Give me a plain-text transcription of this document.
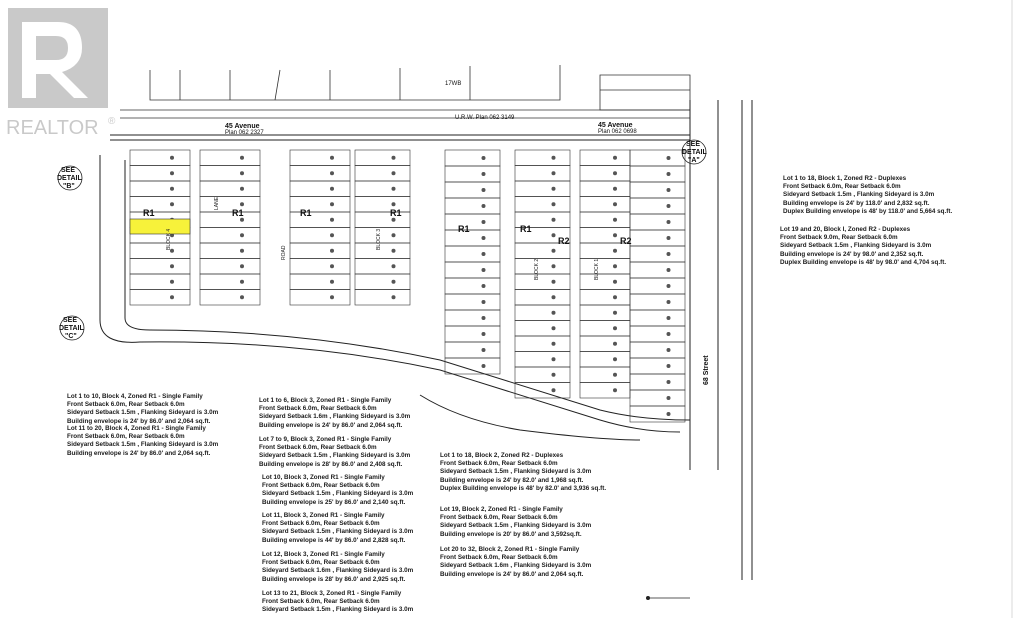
17WB
45 Avenue
Plan 062 2327
45 Avenue
Plan 062 0698
U.R.W. Plan 062 3149
68 Street
R1	R1	R1	R1
R1	R1
R2	R2
BLOCK 4	BLOCK 3
BLOCK 2	BLOCK 1
LANE
ROAD
SEE
DETAIL
"A"
SEE
DETAIL
"B"
SEE
DETAIL
"C"
REALTOR ®
Lot 1 to 18, Block 1, Zoned R2 - Duplexes
Front Setback 6.0m, Rear Setback 6.0m
Sideyard Setback 1.5m , Flanking Sideyard is 3.0m
Building envelope is 24' by 118.0' and 2,832 sq.ft.
Duplex Building envelope is 48' by 118.0' and 5,664 sq.ft.
Lot 19 and 20, Block I, Zoned R2 - Duplexes
Front Setback 9.0m, Rear Setback 6.0m
Sideyard Setback 1.5m , Flanking Sideyard is 3.0m
Building envelope is 24' by 98.0' and 2,352 sq.ft.
Duplex Building envelope is 48' by 98.0' and 4,704 sq.ft.
Lot 1 to 10, Block 4, Zoned R1 - Single Family
Front Setback 6.0m, Rear Setback 6.0m
Sideyard Setback 1.5m , Flanking Sideyard is 3.0m
Building envelope is 24' by 86.0' and 2,064 sq.ft.
Lot 11 to 20, Block 4, Zoned R1 - Single Family
Front Setback 6.0m, Rear Setback 6.0m
Sideyard Setback 1.5m , Flanking Sideyard is 3.0m
Building envelope is 24' by 86.0' and 2,064 sq.ft.
Lot 1 to 6, Block 3, Zoned R1 - Single Family
Front Setback 6.0m, Rear Setback 6.0m
Sideyard Setback 1.6m , Flanking Sideyard is 3.0m
Building envelope is 24' by 86.0' and 2,064 sq.ft.
Lot 7 to 9, Block 3, Zoned R1 - Single Family
Front Setback 6.0m, Rear Setback 6.0m
Sideyard Setback 1.5m , Flanking Sideyard is 3.0m
Building envelope is 28' by 86.0' and 2,408 sq.ft.
Lot 10, Block 3, Zoned R1 - Single Family
Front Setback 6.0m, Rear Setback 6.0m
Sideyard Setback 1.5m , Flanking Sideyard is 3.0m
Building envelope is 25' by 86.0' and 2,140 sq.ft.
Lot 11, Block 3, Zoned R1 - Single Family
Front Setback 6.0m, Rear Setback 6.0m
Sideyard Setback 1.5m , Flanking Sideyard is 3.0m
Building envelope is 44' by 86.0' and 2,828 sq.ft.
Lot 12, Block 3, Zoned R1 - Single Family
Front Setback 6.0m, Rear Setback 6.0m
Sideyard Setback 1.6m , Flanking Sideyard is 3.0m
Building envelope is 28' by 86.0' and 2,925 sq.ft.
Lot 13 to 21, Block 3, Zoned R1 - Single Family
Front Setback 6.0m, Rear Setback 6.0m
Sideyard Setback 1.5m , Flanking Sideyard is 3.0m
Lot 1 to 18, Block 2, Zoned R2 - Duplexes
Front Setback 6.0m, Rear Setback 6.0m
Sideyard Setback 1.5m , Flanking Sideyard is 3.0m
Building envelope is 24' by 82.0' and 1,968 sq.ft.
Duplex Building envelope is 48' by 82.0' and 3,936 sq.ft.
Lot 19, Block 2, Zoned R1 - Single Family
Front Setback 6.0m, Rear Setback 6.0m
Sideyard Setback 1.5m , Flanking Sideyard is 3.0m
Building envelope is 20' by 86.0' and 3,592sq.ft.
Lot 20 to 32, Block 2, Zoned R1 - Single Family
Front Setback 6.0m, Rear Setback 6.0m
Sideyard Setback 1.6m , Flanking Sideyard is 3.0m
Building envelope is 24' by 86.0' and 2,064 sq.ft.
